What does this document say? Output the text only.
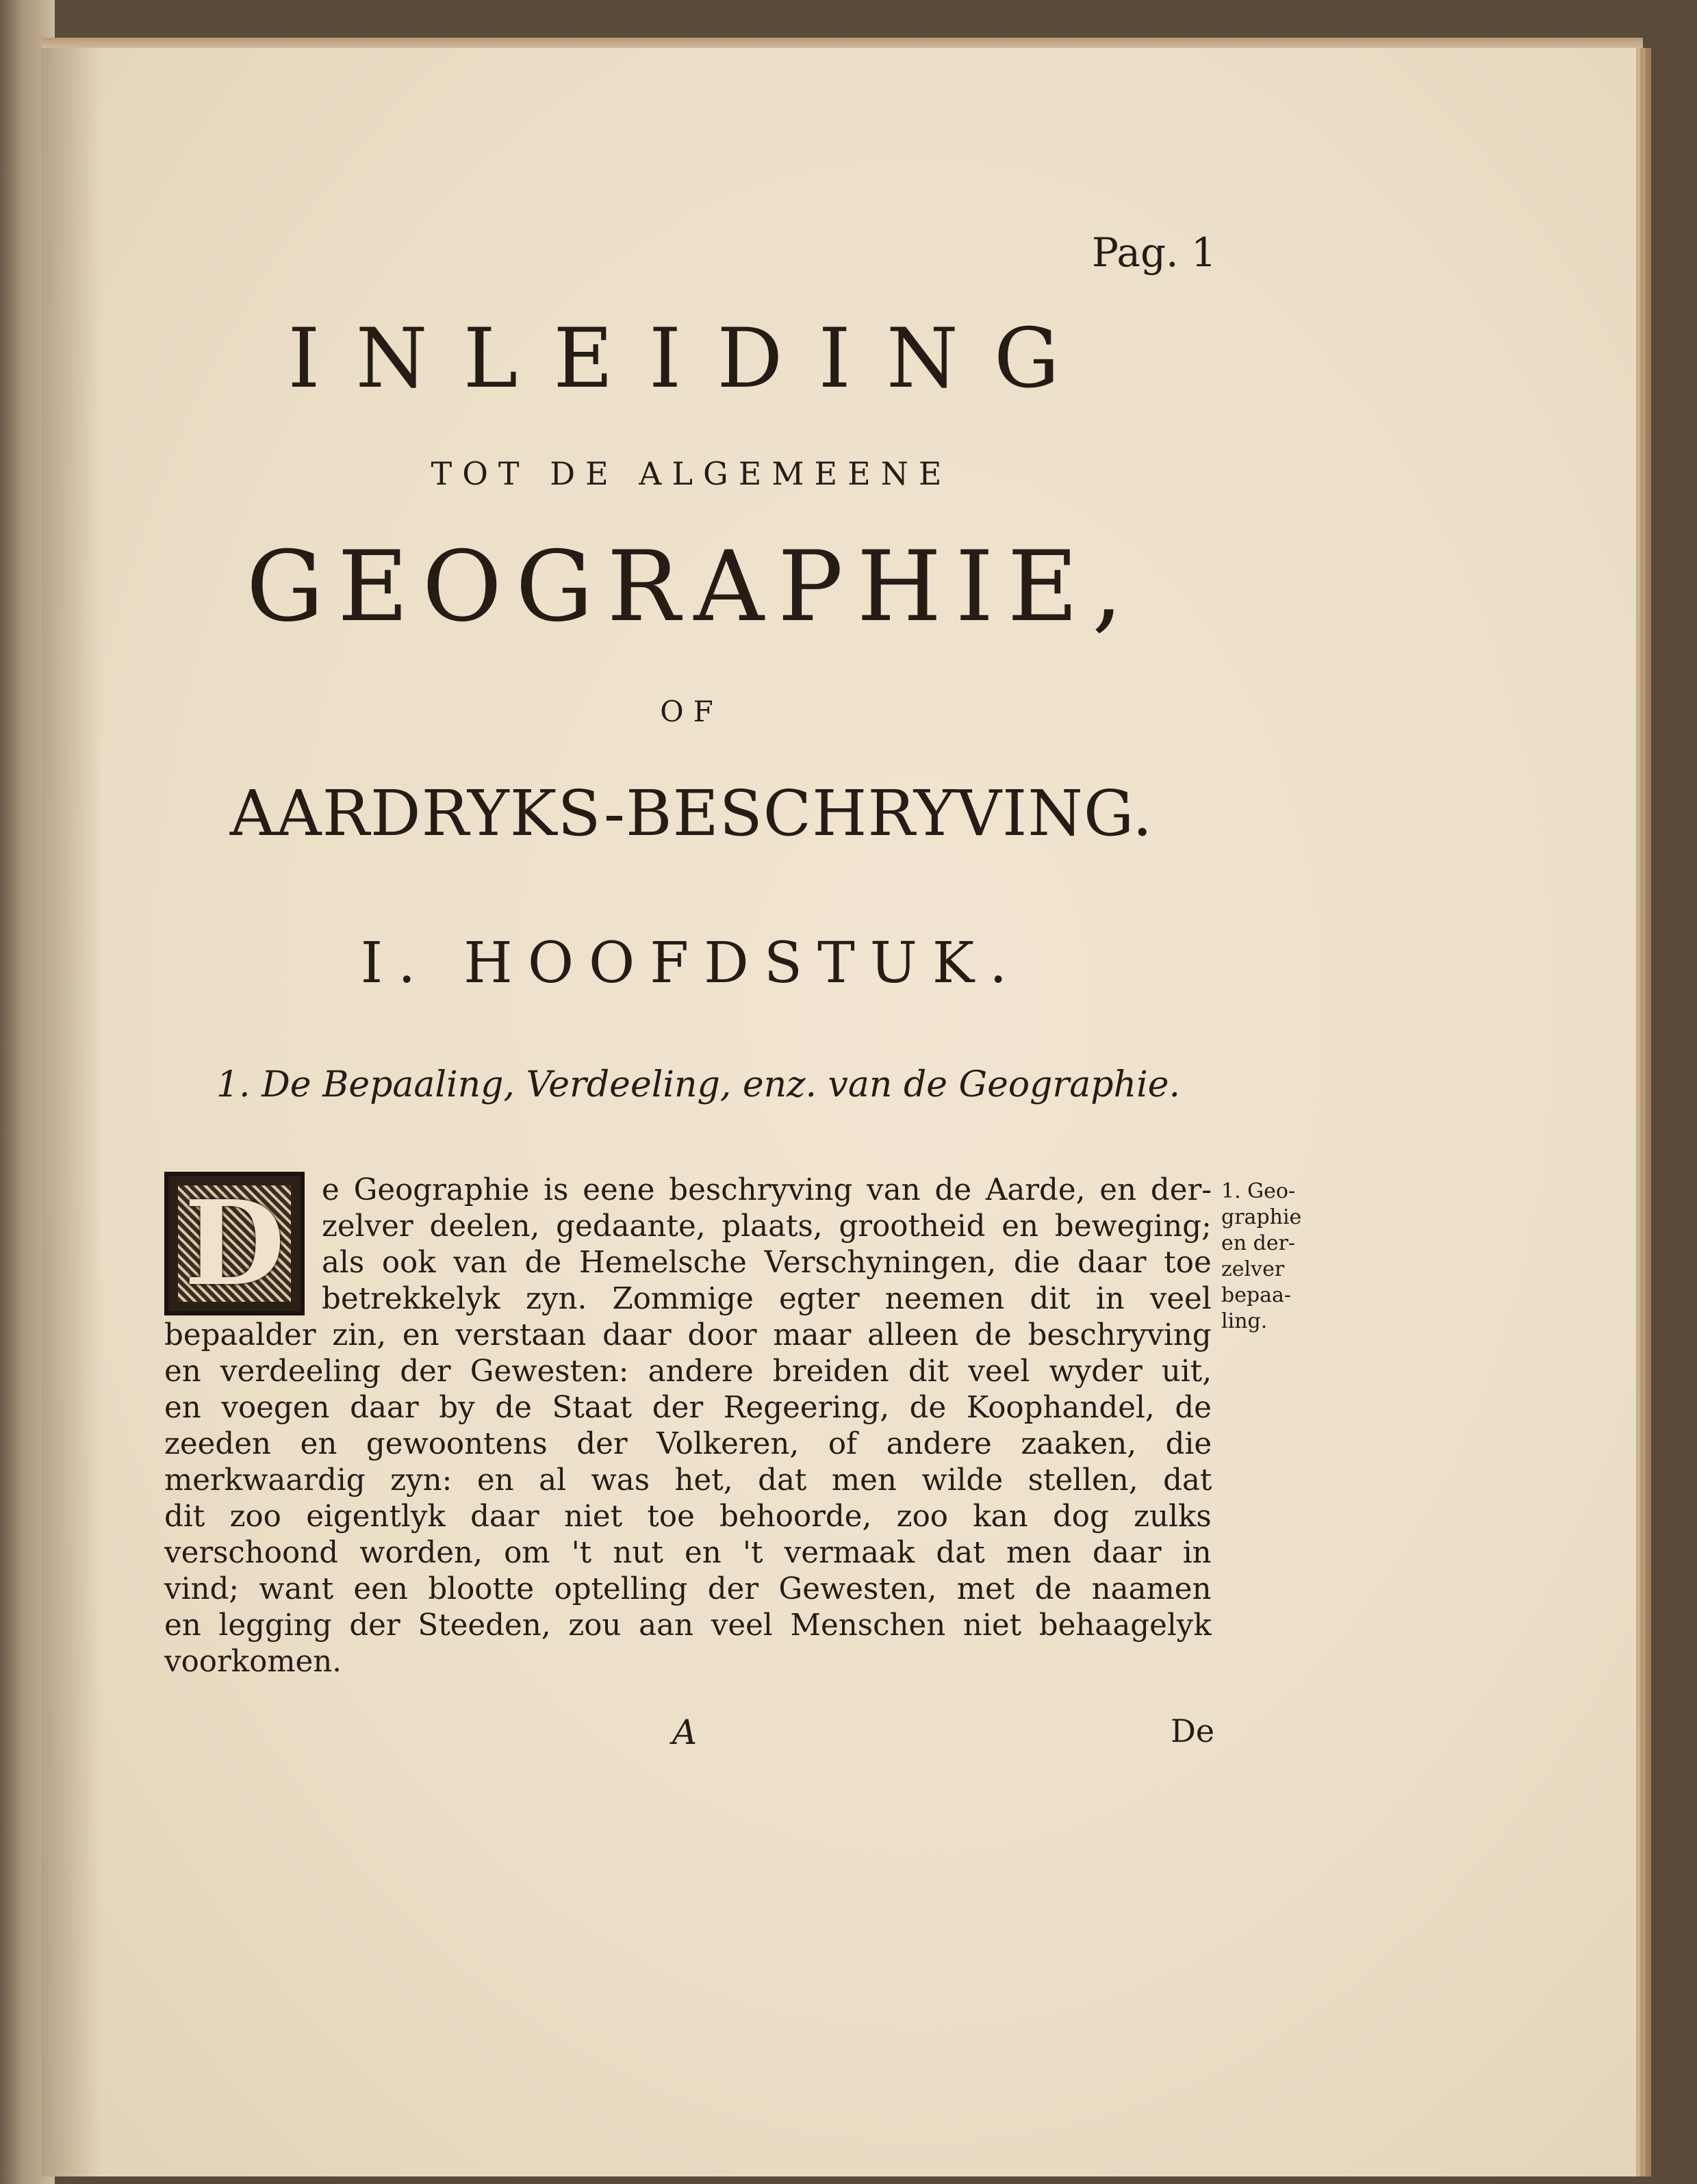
Pag. 1
INLEIDING
TOT DE ALGEMEENE
GEOGRAPHIE,
OF
AARDRYKS-BESCHRYVING.
I. HOOFDSTUK.
1. De Bepaaling, Verdeeling, enz. van de Geographie.
D	e Geographie is eene beschryving van de Aarde, en der-
zelver deelen, gedaante, plaats, grootheid en beweging;
als ook van de Hemelsche Verschyningen, die daar toe
betrekkelyk zyn. Zommige egter neemen dit in veel
bepaalder zin, en verstaan daar door maar alleen de beschryving
en verdeeling der Gewesten: andere breiden dit veel wyder uit,
en voegen daar by de Staat der Regeering, de Koophandel, de
zeeden en gewoontens der Volkeren, of andere zaaken, die
merkwaardig zyn: en al was het, dat men wilde stellen, dat
dit zoo eigentlyk daar niet toe behoorde, zoo kan dog zulks
verschoond worden, om 't nut en 't vermaak dat men daar in
vind; want een blootte optelling der Gewesten, met de naamen
en legging der Steeden, zou aan veel Menschen niet behaagelyk
voorkomen.
1. Geo-
graphie
en der-
zelver
bepaa-
ling.
A	De
